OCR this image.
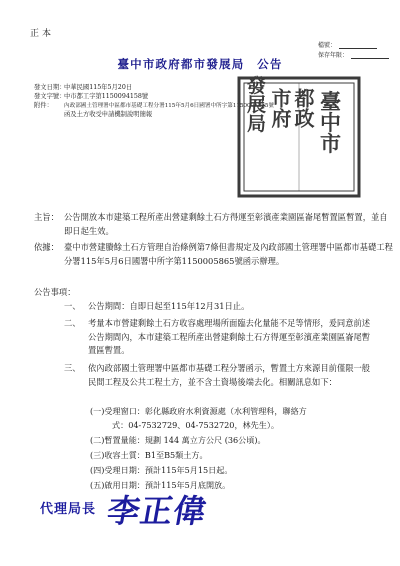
正本
檔號：
保存年限：
臺中市政府都市發展局　公告
發文日期：中華民國115年5月20日
發文字號：中市都工字第1150094158號
附件： 內政部國土管理署中區都市基礎工程分署115年5月6日國署中所字第1150005865號
函及土方收受申請機制說明簡報	臺中市
都政
市府
發展局
主旨： 公告開放本市建築工程所產出營建剩餘土石方得運至彰濱產業園區崙尾暫置區暫置，並自即日起生效。
依據： 臺中市營建賸餘土石方管理自治條例第7條但書規定及內政部國土管理署中區都市基礎工程分署115年5月6日國署中所字第1150005865號函示辦理。
公告事項：
一、 公告期間：自即日起至115年12月31日止。
二、 考量本市營建剩餘土石方收容處理場所面臨去化量能不足等情形，爰同意前述公告期間內，本市建築工程所產出營建剩餘土石方得運至彰濱產業園區崙尾暫置區暫置。
三、 依內政部國土管理署中區都市基礎工程分署函示，暫置土方來源目前僅限一般民間工程及公共工程土方，並不含土資場後端去化。相關訊息如下：
(一)受理窗口：彰化縣政府水利資源處（水利管理科，聯絡方
式：04-7532729、04-7532720，林先生）。
(二)暫置量能：規劃 144 萬立方公尺 (36公頃)。
(三)收容土質：B1至B5類土方。
(四)受理日期：預計115年5月15日起。
(五)啟用日期：預計115年5月底開放。
代理局長 李正偉
